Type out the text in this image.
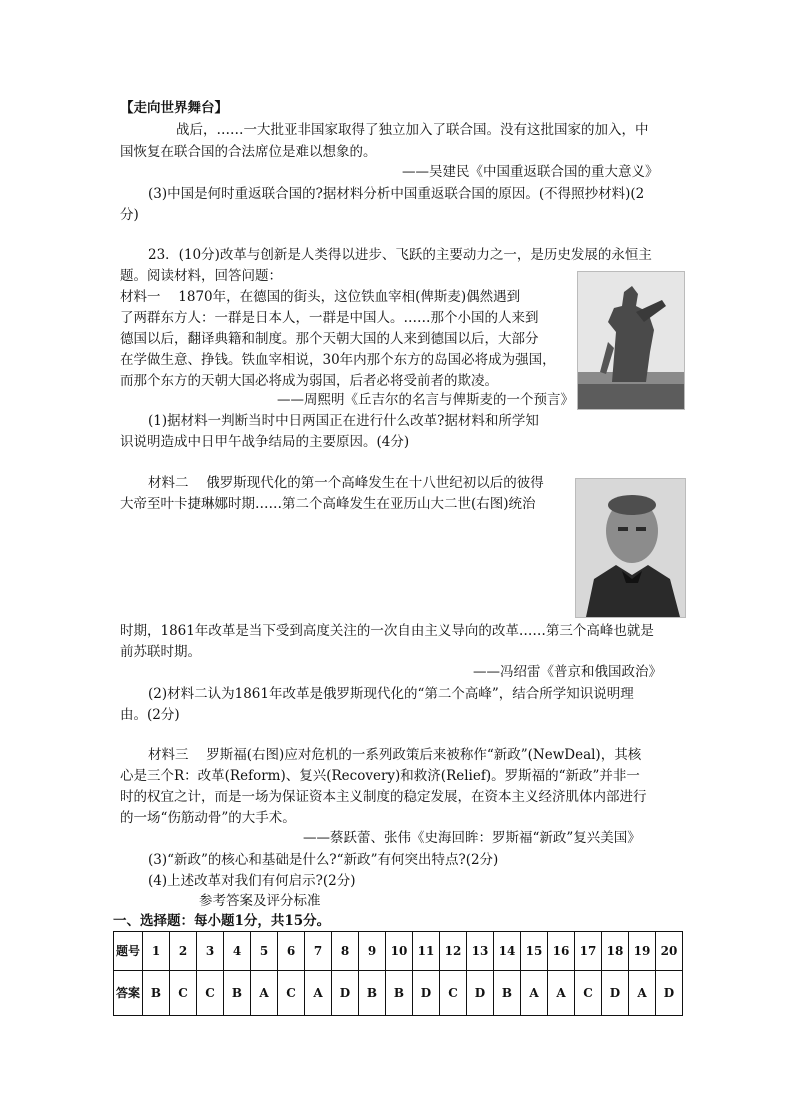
【走向世界舞台】
战后，……一大批亚非国家取得了独立加入了联合国。没有这批国家的加入，中
国恢复在联合国的合法席位是难以想象的。
——吴建民《中国重返联合国的重大意义》
(3)中国是何时重返联合国的?据材料分析中国重返联合国的原因。(不得照抄材料)(2
分)
23．(10分)改革与创新是人类得以进步、飞跃的主要动力之一，是历史发展的永恒主
题。阅读材料，回答问题：
材料一　 1870年，在德国的街头，这位铁血宰相(俾斯麦)偶然遇到
了两群东方人：一群是日本人，一群是中国人。……那个小国的人来到
德国以后，翻译典籍和制度。那个天朝大国的人来到德国以后，大部分
在学做生意、挣钱。铁血宰相说，30年内那个东方的岛国必将成为强国，
而那个东方的天朝大国必将成为弱国，后者必将受前者的欺凌。
——周熙明《丘吉尔的名言与俾斯麦的一个预言》
(1)据材料一判断当时中日两国正在进行什么改革?据材料和所学知
识说明造成中日甲午战争结局的主要原因。(4分)
材料二　 俄罗斯现代化的第一个高峰发生在十八世纪初以后的彼得
大帝至叶卡捷琳娜时期……第二个高峰发生在亚历山大二世(右图)统治
时期，1861年改革是当下受到高度关注的一次自由主义导向的改革……第三个高峰也就是
前苏联时期。
——冯绍雷《普京和俄国政治》
(2)材料二认为1861年改革是俄罗斯现代化的“第二个高峰”，结合所学知识说明理
由。(2分)
材料三　 罗斯福(右图)应对危机的一系列政策后来被称作“新政”(NewDeal)，其核
心是三个R：改革(Reform)、复兴(Recovery)和救济(Relief)。罗斯福的“新政”并非一
时的权宜之计，而是一场为保证资本主义制度的稳定发展，在资本主义经济肌体内部进行
的一场“伤筋动骨”的大手术。
——蔡跃蕾、张伟《史海回眸：罗斯福“新政”复兴美国》
(3)“新政”的核心和基础是什么?“新政”有何突出特点?(2分)
(4)上述改革对我们有何启示?(2分)
参考答案及评分标准
一、选择题：每小题1分，共15分。
题号	1	2	3	4	5	6	7	8	9	10	11	12	13	14	15	16	17	18	19	20
答案	B	C	C	B	A	C	A	D	B	B	D	C	D	B	A	A	C	D	A	D
